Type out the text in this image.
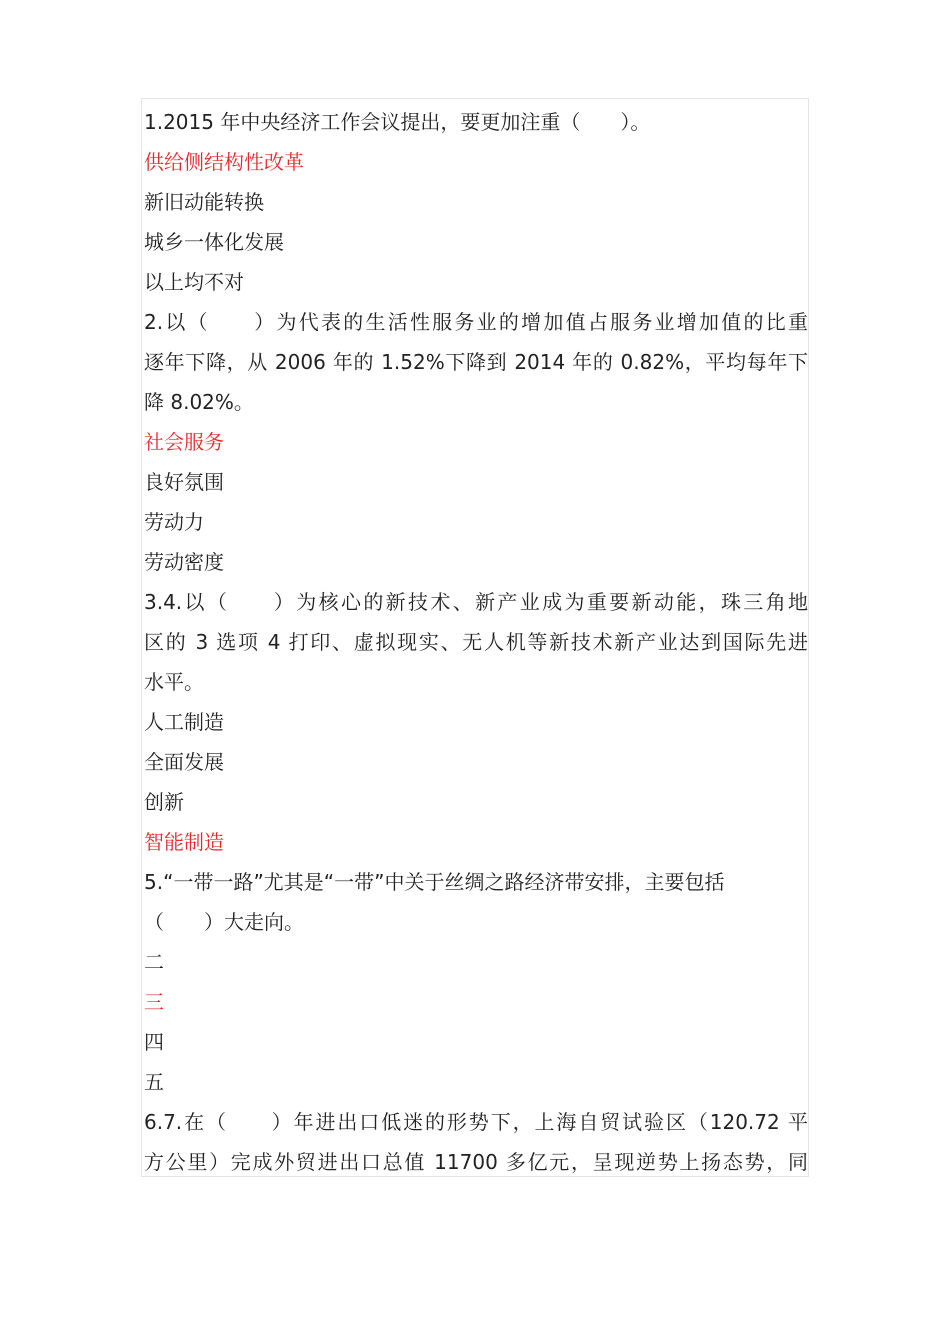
1.2015 年中央经济工作会议提出，要更加注重（　　）。
供给侧结构性改革
新旧动能转换
城乡一体化发展
以上均不对
2.以（　　）为代表的生活性服务业的增加值占服务业增加值的比重
逐年下降，从 2006 年的 1.52%下降到 2014 年的 0.82%，平均每年下
降 8.02%。
社会服务
良好氛围
劳动力
劳动密度
3.4.以（　　）为核心的新技术、新产业成为重要新动能，珠三角地
区的 3 选项 4 打印、虚拟现实、无人机等新技术新产业达到国际先进
水平。
人工制造
全面发展
创新
智能制造
5.“一带一路”尤其是“一带”中关于丝绸之路经济带安排，主要包括
（　　）大走向。
二
三
四
五
6.7.在（　　）年进出口低迷的形势下，上海自贸试验区（120.72 平
方公里）完成外贸进出口总值 11700 多亿元，呈现逆势上扬态势，同
